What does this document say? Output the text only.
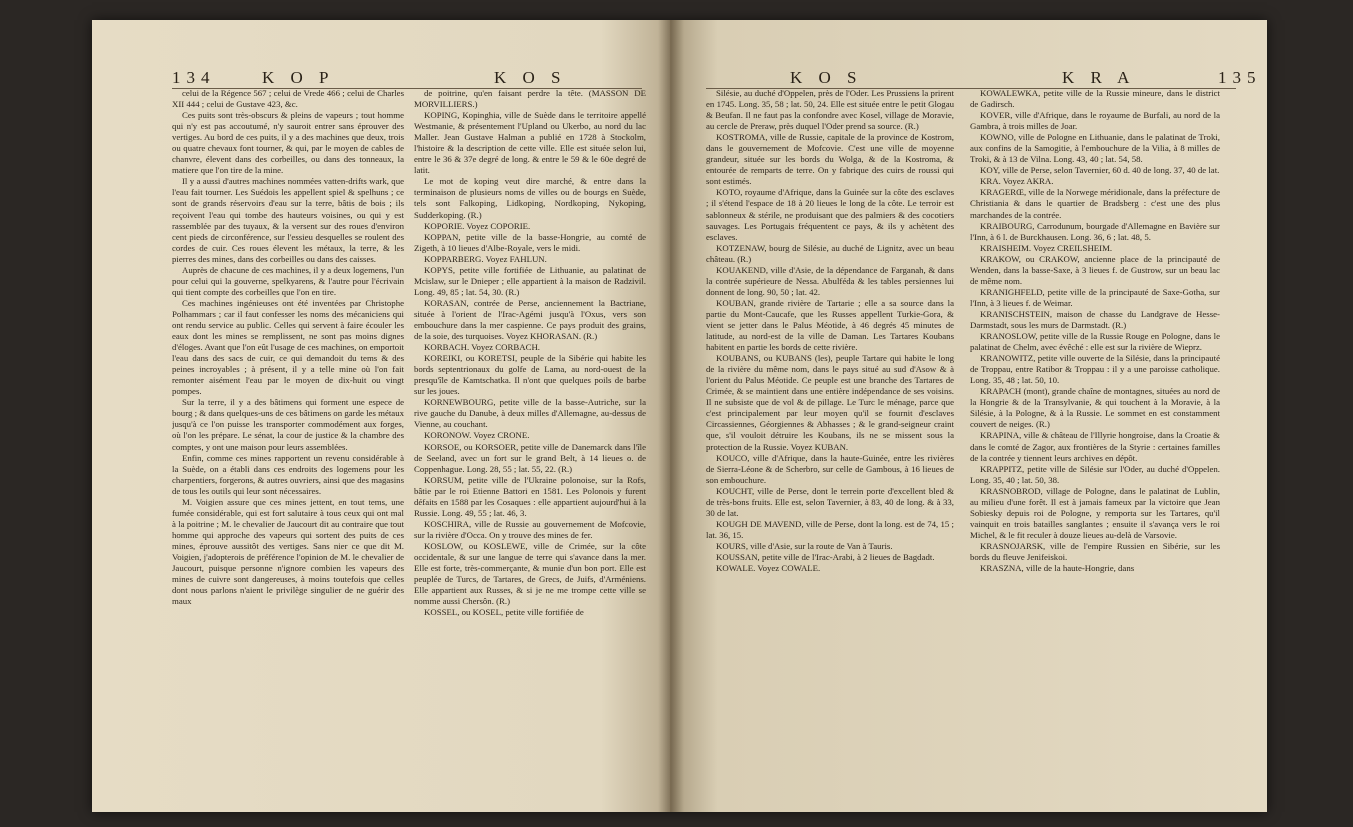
134	K O P	K O S

celui de la Régence 567 ; celui de Vrede 466 ; celui de Charles XII 444 ; celui de Gustave 423, &c.

Ces puits sont très-obscurs & pleins de vapeurs ; tout homme qui n'y est pas accoutumé, n'y sauroit entrer sans éprouver des vertiges. Au bord de ces puits, il y a des machines que deux, trois ou quatre chevaux font tourner, & qui, par le moyen de cables de chanvre, élevent dans des corbeilles, ou dans des tonneaux, la matiere que l'on tire de la mine.

Il y a aussi d'autres machines nommées vatten-drifts wark, que l'eau fait tourner. Les Suédois les appellent spiel & spelhuns ; ce sont de grands réservoirs d'eau sur la terre, bâtis de bois ; ils reçoivent l'eau qui tombe des hauteurs voisines, ou qui y est rassemblée par des tuyaux, & la versent sur des roues d'environ cent pieds de circonférence, sur l'essieu desquelles se roulent des cordes de cuir. Ces roues élevent les métaux, la terre, & les pierres des mines, dans des corbeilles ou dans des caisses.

Auprès de chacune de ces machines, il y a deux logemens, l'un pour celui qui la gouverne, spelkyarens, & l'autre pour l'écrivain qui tient compte des corbeilles que l'on en tire.

Ces machines ingénieuses ont été inventées par Christophe Polhammars ; car il faut confesser les noms des mécaniciens qui ont rendu service au public. Celles qui servent à faire écouler les eaux dont les mines se remplissent, ne sont pas moins dignes d'éloges. Avant que l'on eût l'usage de ces machines, on emportoit l'eau dans des sacs de cuir, ce qui demandoit du tems & des peines incroyables ; à présent, il y a telle mine où l'on fait remonter aisément l'eau par le moyen de dix-huit ou vingt pompes.

Sur la terre, il y a des bâtimens qui forment une espece de bourg ; & dans quelques-uns de ces bâtimens on garde les métaux jusqu'à ce l'on puisse les transporter commodément aux forges, où l'on les prépare. Le sénat, la cour de justice & la chambre des comptes, y ont une maison pour leurs assemblées.

Enfin, comme ces mines rapportent un revenu considérable à la Suède, on a établi dans ces endroits des logemens pour les charpentiers, forgerons, & autres ouvriers, ainsi que des magasins de tous les outils qui leur sont nécessaires.

M. Voigien assure que ces mines jettent, en tout tems, une fumée considérable, qui est fort salutaire à tous ceux qui ont mal à la poitrine ; M. le chevalier de Jaucourt dit au contraire que tout homme qui approche des vapeurs qui sortent des puits de ces mines, éprouve aussitôt des vertiges. Sans nier ce que dit M. Voigien, j'adopterois de préférence l'opinion de M. le chevalier de Jaucourt, puisque personne n'ignore combien les vapeurs des mines de cuivre sont dangereuses, à moins toutefois que celles dont nous parlons n'aient le privilège singulier de ne guérir des maux

de poitrine, qu'en faisant perdre la tête. (MASSON DE MORVILLIERS.)

KOPING, Kopinghia, ville de Suède dans le territoire appellé Westmanie, & présentement l'Upland ou Ukerbo, au nord du lac Maller. Jean Gustave Halman a publié en 1728 à Stockolm, l'histoire & la description de cette ville. Elle est située selon lui, entre le 36 & 37e degré de long. & entre le 59 & le 60e degré de latit.

Le mot de koping veut dire marché, & entre dans la terminaison de plusieurs noms de villes ou de bourgs en Suède, tels sont Falkoping, Lidkoping, Nordkoping, Nykoping, Sudderkoping. (R.)

KOPORIE. Voyez COPORIE.

KOPPAN, petite ville de la basse-Hongrie, au comté de Zigeth, à 10 lieues d'Albe-Royale, vers le midi.

KOPPARBERG. Voyez FAHLUN.

KOPYS, petite ville fortifiée de Lithuanie, au palatinat de Mcislaw, sur le Dnieper ; elle appartient à la maison de Radzivil. Long. 49, 85 ; lat. 54, 30. (R.)

KORASAN, contrée de Perse, anciennement la Bactriane, située à l'orient de l'Irac-Agémi jusqu'à l'Oxus, vers son embouchure dans la mer caspienne. Ce pays produit des grains, de la soie, des turquoises. Voyez KHORASAN. (R.)

KORBACH. Voyez CORBACH.

KOREIKI, ou KORETSI, peuple de la Sibérie qui habite les bords septentrionaux du golfe de Lama, au nord-ouest de la presqu'île de Kamtschatka. Il n'ont que quelques poils de barbe sur les joues.

KORNEWBOURG, petite ville de la basse-Autriche, sur la rive gauche du Danube, à deux milles d'Allemagne, au-dessus de Vienne, au couchant.

KORONOW. Voyez CRONE.

KORSOE, ou KORSOER, petite ville de Danemarck dans l'île de Seeland, avec un fort sur le grand Belt, à 14 lieues o. de Coppenhague. Long. 28, 55 ; lat. 55, 22. (R.)

KORSUM, petite ville de l'Ukraine polonoise, sur la Rofs, bâtie par le roi Etienne Battori en 1581. Les Polonois y furent défaits en 1588 par les Cosaques : elle appartient aujourd'hui à la Russie. Long. 49, 55 ; lat. 46, 3.

KOSCHIRA, ville de Russie au gouvernement de Mofcovie, sur la rivière d'Occa. On y trouve des mines de fer.

KOSLOW, ou KOSLEWE, ville de Crimée, sur la côte occidentale, & sur une langue de terre qui s'avance dans la mer. Elle est forte, très-commerçante, & munie d'un bon port. Elle est peuplée de Turcs, de Tartares, de Grecs, de Juifs, d'Arméniens. Elle appartient aux Russes, & si je ne me trompe cette ville se nomme aussi Chersôn. (R.)

KOSSEL, ou KOSEL, petite ville fortifiée de

K O S	K R A	135

Silésie, au duché d'Oppelen, près de l'Oder. Les Prussiens la prirent en 1745. Long. 35, 58 ; lat. 50, 24. Elle est située entre le petit Glogau & Beufan. Il ne faut pas la confondre avec Kosel, village de Moravie, au cercle de Preraw, près duquel l'Oder prend sa source. (R.)

KOSTROMA, ville de Russie, capitale de la province de Kostrom, dans le gouvernement de Mofcovie. C'est une ville de moyenne grandeur, située sur les bords du Wolga, & de la Kostroma, & entourée de remparts de terre. On y fabrique des cuirs de roussi qui sont estimés.

KOTO, royaume d'Afrique, dans la Guinée sur la côte des esclaves ; il s'étend l'espace de 18 à 20 lieues le long de la côte. Le terroir est sablonneux & stérile, ne produisant que des palmiers & des cocotiers sauvages. Les Portugais fréquentent ce pays, & ils y achètent des esclaves.

KOTZENAW, bourg de Silésie, au duché de Lignitz, avec un beau château. (R.)

KOUAKEND, ville d'Asie, de la dépendance de Farganah, & dans la contrée supérieure de Nessa. Abulféda & les tables persiennes lui donnent de long. 90, 50 ; lat. 42.

KOUBAN, grande rivière de Tartarie ; elle a sa source dans la partie du Mont-Caucafe, que les Russes appellent Turkie-Gora, & vient se jetter dans le Palus Méotide, à 46 degrés 45 minutes de latitude, au nord-est de la ville de Daman. Les Tartares Koubans habitent en partie les bords de cette rivière.

KOUBANS, ou KUBANS (les), peuple Tartare qui habite le long de la rivière du même nom, dans le pays situé au sud d'Asow & à l'orient du Palus Méotide. Ce peuple est une branche des Tartares de Crimée, & se maintient dans une entière indépendance de ses voisins. Il ne subsiste que de vol & de pillage. Le Turc le ménage, parce que c'est principalement par leur moyen qu'il se fournit d'esclaves Circassiennes, Géorgiennes & Abhasses ; & le grand-seigneur craint que, s'il vouloit détruire les Koubans, ils ne se missent sous la protection de la Russie. Voyez KUBAN.

KOUCO, ville d'Afrique, dans la haute-Guinée, entre les rivières de Sierra-Léone & de Scherbro, sur celle de Gambous, à 16 lieues de son embouchure.

KOUCHT, ville de Perse, dont le terrein porte d'excellent bled & de très-bons fruits. Elle est, selon Tavernier, à 83, 40 de long. & à 33, 30 de lat.

KOUGH DE MAVEND, ville de Perse, dont la long. est de 74, 15 ; lat. 36, 15.

KOURS, ville d'Asie, sur la route de Van à Tauris.

KOUSSAN, petite ville de l'Irac-Arabi, à 2 lieues de Bagdadt.

KOWALE. Voyez COWALE.

KOWALEWKA, petite ville de la Russie mineure, dans le district de Gadirsch.

KOVER, ville d'Afrique, dans le royaume de Burfali, au nord de la Gambra, à trois milles de Joar.

KOWNO, ville de Pologne en Lithuanie, dans le palatinat de Troki, aux confins de la Samogitie, à l'embouchure de la Vilia, à 8 milles de Troki, & à 13 de Vilna. Long. 43, 40 ; lat. 54, 58.

KOY, ville de Perse, selon Tavernier, 60 d. 40 de long. 37, 40 de lat.

KRA. Voyez AKRA.

KRAGERŒ, ville de la Norwege méridionale, dans la préfecture de Christiania & dans le quartier de Bradsberg : c'est une des plus marchandes de la contrée.

KRAIBOURG, Carrodunum, bourgade d'Allemagne en Bavière sur l'Inn, à 6 l. de Burckhausen. Long. 36, 6 ; lat. 48, 5.

KRAISHEIM. Voyez CREILSHEIM.

KRAKOW, ou CRAKOW, ancienne place de la principauté de Wenden, dans la basse-Saxe, à 3 lieues f. de Gustrow, sur un beau lac de même nom.

KRANIGHFELD, petite ville de la principauté de Saxe-Gotha, sur l'Inn, à 3 lieues f. de Weimar.

KRANISCHSTEIN, maison de chasse du Landgrave de Hesse-Darmstadt, sous les murs de Darmstadt. (R.)

KRANOSLOW, petite ville de la Russie Rouge en Pologne, dans le palatinat de Chelm, avec évêché : elle est sur la rivière de Wieprz.

KRANOWITZ, petite ville ouverte de la Silésie, dans la principauté de Troppau, entre Ratibor & Troppau : il y a une paroisse catholique. Long. 35, 48 ; lat. 50, 10.

KRAPACH (mont), grande chaîne de montagnes, situées au nord de la Hongrie & de la Transylvanie, & qui touchent à la Moravie, à la Silésie, à la Pologne, & à la Russie. Le sommet en est constamment couvert de neiges. (R.)

KRAPINA, ville & château de l'Illyrie hongroise, dans la Croatie & dans le comté de Zagor, aux frontières de la Styrie : certaines familles de la contrée y tiennent leurs archives en dépôt.

KRAPPITZ, petite ville de Silésie sur l'Oder, au duché d'Oppelen. Long. 35, 40 ; lat. 50, 38.

KRASNOBROD, village de Pologne, dans le palatinat de Lublin, au milieu d'une forêt. Il est à jamais fameux par la victoire que Jean Sobiesky depuis roi de Pologne, y remporta sur les Tartares, qu'il vainquit en trois batailles sanglantes ; ensuite il s'avança vers le roi Michel, & le fit reculer à douze lieues au-delà de Varsovie.

KRASNOJARSK, ville de l'empire Russien en Sibérie, sur les bords du fleuve Jenifeiskoi.

KRASZNA, ville de la haute-Hongrie, dans
